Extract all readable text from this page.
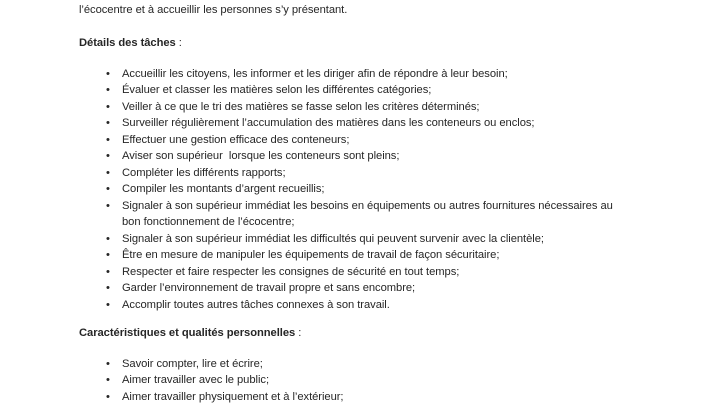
l’écocentre et à accueillir les personnes s’y présentant.

Détails des tâches :
• Accueillir les citoyens, les informer et les diriger afin de répondre à leur besoin;
• Évaluer et classer les matières selon les différentes catégories;
• Veiller à ce que le tri des matières se fasse selon les critères déterminés;
• Surveiller régulièrement l’accumulation des matières dans les conteneurs ou enclos;
• Effectuer une gestion efficace des conteneurs;
• Aviser son supérieur  lorsque les conteneurs sont pleins;
• Compléter les différents rapports;
• Compiler les montants d’argent recueillis;
• Signaler à son supérieur immédiat les besoins en équipements ou autres fournitures nécessaires au bon fonctionnement de l’écocentre;
• Signaler à son supérieur immédiat les difficultés qui peuvent survenir avec la clientèle;
• Être en mesure de manipuler les équipements de travail de façon sécuritaire;
• Respecter et faire respecter les consignes de sécurité en tout temps;
• Garder l’environnement de travail propre et sans encombre;
• Accomplir toutes autres tâches connexes à son travail.
Caractéristiques et qualités personnelles :
• Savoir compter, lire et écrire;
• Aimer travailler avec le public;
• Aimer travailler physiquement et à l’extérieur;
